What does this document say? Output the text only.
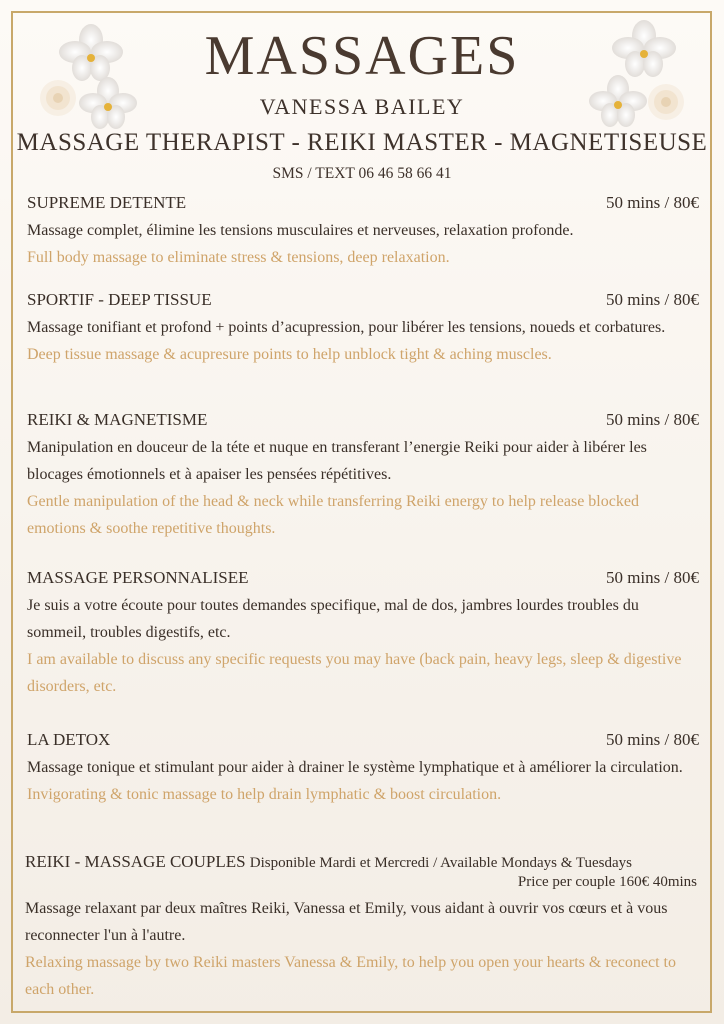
MASSAGES
VANESSA BAILEY
MASSAGE THERAPIST - REIKI MASTER - MAGNETISEUSE
SMS / TEXT 06 46 58 66 41
SUPREME DETENTE	50 mins / 80€
Massage complet, élimine les tensions musculaires et nerveuses, relaxation profonde.
Full body massage to eliminate stress & tensions, deep relaxation.
SPORTIF - DEEP TISSUE	50 mins / 80€
Massage tonifiant et profond + points d’acupression, pour libérer les tensions, noueds et corbatures.
Deep tissue massage & acupresure points to help unblock tight & aching muscles.
REIKI & MAGNETISME	50 mins / 80€
Manipulation en douceur de la téte et nuque en transferant l’energie Reiki pour aider à libérer les blocages émotionnels et à apaiser les pensées répétitives.
Gentle manipulation of the head & neck while transferring Reiki energy to help release blocked emotions & soothe repetitive thoughts.
MASSAGE PERSONNALISEE	50 mins / 80€
Je suis a votre écoute pour toutes demandes specifique, mal de dos, jambres lourdes troubles du sommeil, troubles digestifs, etc.
I am available to discuss any specific requests you may have (back pain, heavy legs, sleep & digestive disorders, etc.
LA DETOX	50 mins / 80€
Massage tonique et stimulant pour aider à drainer le système lymphatique et à améliorer la circulation.
Invigorating & tonic massage to help drain lymphatic & boost circulation.
REIKI - MASSAGE COUPLES Disponible Mardi et Mercredi / Available Mondays & Tuesdays
Price per couple 160€ 40mins
Massage relaxant par deux maîtres Reiki, Vanessa et Emily, vous aidant à ouvrir vos cœurs et à vous reconnecter l'un à l'autre.
Relaxing massage by two Reiki masters Vanessa & Emily, to help you open your hearts & reconect to each other.
